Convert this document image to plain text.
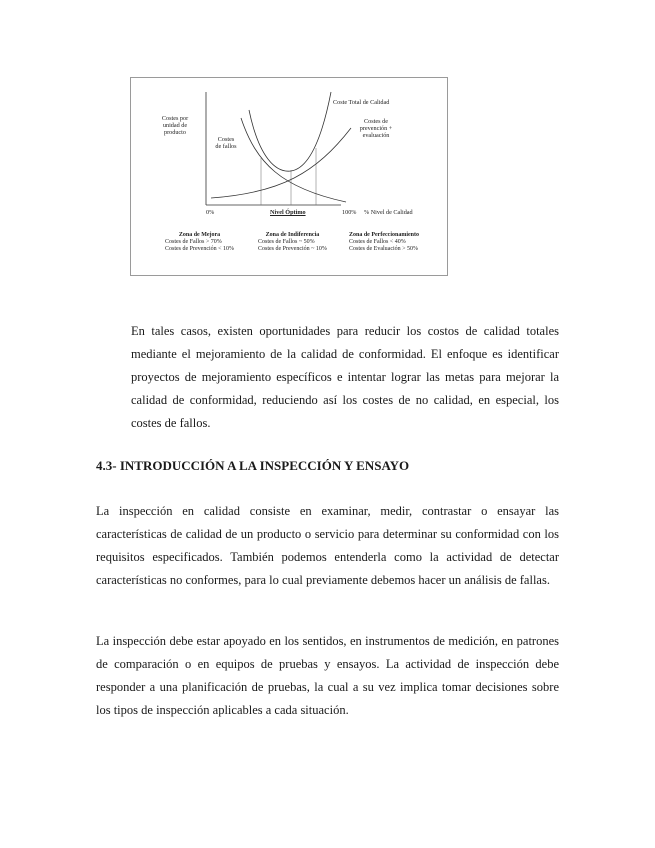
Costes por
unidad de
producto
Costes
de fallos
Coste Total de Calidad
Costes de
prevención +
evaluación
0%	Nivel Óptimo	100% % Nivel de Calidad
Zona de Mejora
Costes de Fallos > 70%
Costes de Prevención < 10%
Zona de Indiferencia
Costes de Fallos ~ 50%
Costes de Prevención ~ 10%
Zona de Perfeccionamiento
Costes de Fallos < 40%
Costes de Evaluación > 50%

En tales casos, existen oportunidades para reducir los costos de calidad totales mediante el mejoramiento de la calidad de conformidad. El enfoque es identificar proyectos de mejoramiento específicos e intentar lograr las metas para mejorar la calidad de conformidad, reduciendo así los costes de no calidad, en especial, los costes de fallos.

4.3- INTRODUCCIÓN A LA INSPECCIÓN Y ENSAYO

La inspección en calidad consiste en examinar, medir, contrastar o ensayar las características de calidad de un producto o servicio para determinar su conformidad con los requisitos especificados. También podemos entenderla como la actividad de detectar características no conformes, para lo cual previamente debemos hacer un análisis de fallas.

La inspección debe estar apoyado en los sentidos, en instrumentos de medición, en patrones de comparación o en equipos de pruebas y ensayos. La actividad de inspección debe responder a una planificación de pruebas, la cual a su vez implica tomar decisiones sobre los tipos de inspección aplicables a cada situación.
